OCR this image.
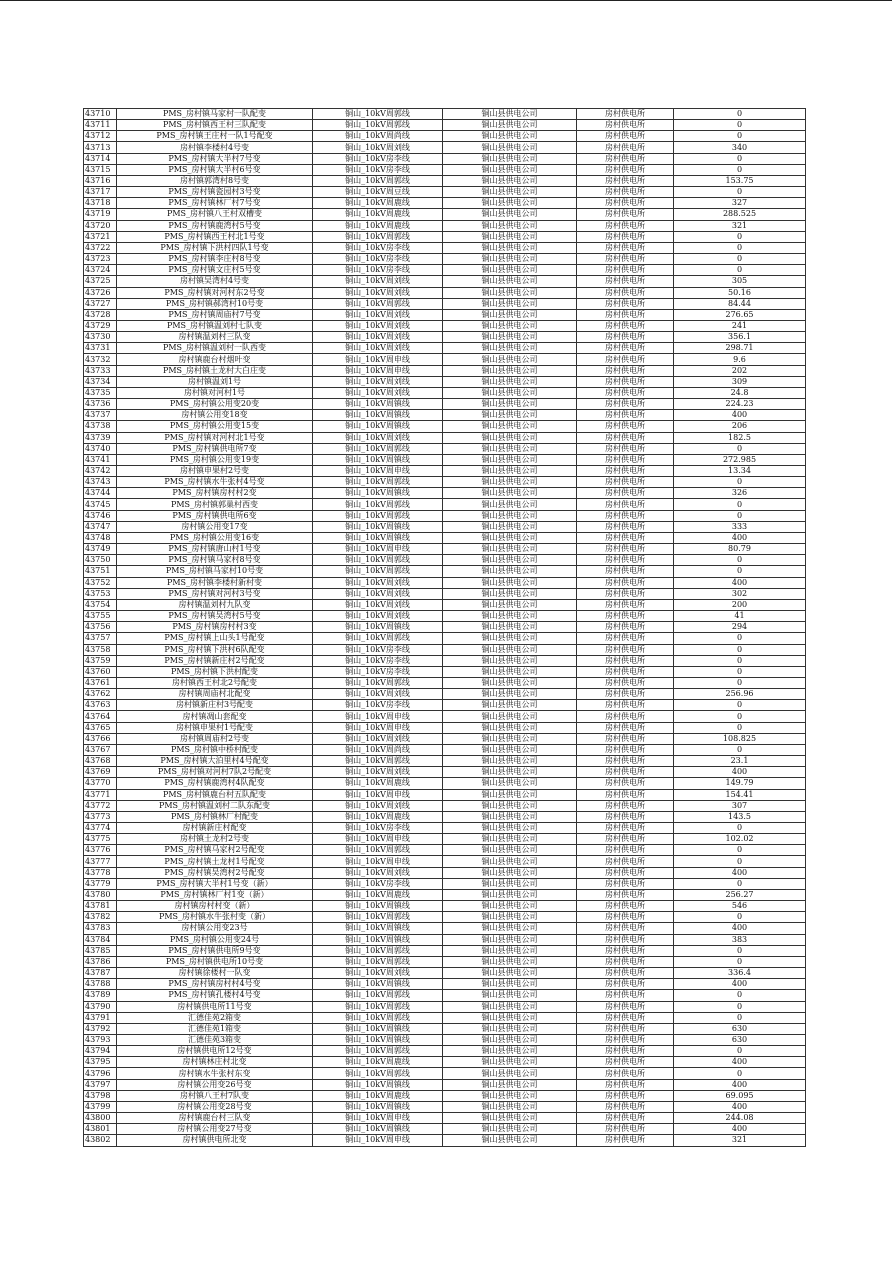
43710	PMS_房村镇马家村一队配变	铜山_10kV周郭线	铜山县供电公司	房村供电所	0
43711	PMS_房村镇西王村三队配变	铜山_10kV周郭线	铜山县供电公司	房村供电所	0
43712	PMS_房村镇王庄村一队1号配变	铜山_10kV周尚线	铜山县供电公司	房村供电所	0
43713	房村镇李楼村4号变	铜山_10kV周刘线	铜山县供电公司	房村供电所	340
43714	PMS_房村镇大半村7号变	铜山_10kV房李线	铜山县供电公司	房村供电所	0
43715	PMS_房村镇大半村6号变	铜山_10kV房李线	铜山县供电公司	房村供电所	0
43716	房村镇郭湾村8号变	铜山_10kV周郭线	铜山县供电公司	房村供电所	153.75
43717	PMS_房村镇瓷园村3号变	铜山_10kV周豆线	铜山县供电公司	房村供电所	0
43718	PMS_房村镇林厂村7号变	铜山_10kV周鹿线	铜山县供电公司	房村供电所	327
43719	PMS_房村镇八王村双槽变	铜山_10kV周鹿线	铜山县供电公司	房村供电所	288.525
43720	PMS_房村镇鹿湾村5号变	铜山_10kV周鹿线	铜山县供电公司	房村供电所	321
43721	PMS_房村镇西王村北1号变	铜山_10kV周郭线	铜山县供电公司	房村供电所	0
43722	PMS_房村镇下洪村四队1号变	铜山_10kV房李线	铜山县供电公司	房村供电所	0
43723	PMS_房村镇李庄村8号变	铜山_10kV房李线	铜山县供电公司	房村供电所	0
43724	PMS_房村镇文庄村5号变	铜山_10kV房李线	铜山县供电公司	房村供电所	0
43725	房村镇吴湾村4号变	铜山_10kV周刘线	铜山县供电公司	房村供电所	305
43726	PMS_房村镇对河村东2号变	铜山_10kV周刘线	铜山县供电公司	房村供电所	50.16
43727	PMS_房村镇郝湾村10号变	铜山_10kV周郭线	铜山县供电公司	房村供电所	84.44
43728	PMS_房村镇周庙村7号变	铜山_10kV周刘线	铜山县供电公司	房村供电所	276.65
43729	PMS_房村镇温刘村七队变	铜山_10kV周刘线	铜山县供电公司	房村供电所	241
43730	房村镇温刘村三队变	铜山_10kV周刘线	铜山县供电公司	房村供电所	356.1
43731	PMS_房村镇温刘村一队西变	铜山_10kV周刘线	铜山县供电公司	房村供电所	298.71
43732	房村镇鹿台村烟叶变	铜山_10kV周申线	铜山县供电公司	房村供电所	9.6
43733	PMS_房村镇土龙村大白庄变	铜山_10kV周申线	铜山县供电公司	房村供电所	202
43734	房村镇温刘1号	铜山_10kV周刘线	铜山县供电公司	房村供电所	309
43735	房村镇对河村1号	铜山_10kV周刘线	铜山县供电公司	房村供电所	24.8
43736	PMS_房村镇公用变20变	铜山_10kV周镇线	铜山县供电公司	房村供电所	224.23
43737	房村镇公用变18变	铜山_10kV周镇线	铜山县供电公司	房村供电所	400
43738	PMS_房村镇公用变15变	铜山_10kV周镇线	铜山县供电公司	房村供电所	206
43739	PMS_房村镇对河村北1号变	铜山_10kV周刘线	铜山县供电公司	房村供电所	182.5
43740	PMS_房村镇供电所7变	铜山_10kV周郭线	铜山县供电公司	房村供电所	0
43741	PMS_房村镇公用变19变	铜山_10kV周镇线	铜山县供电公司	房村供电所	272.985
43742	房村镇申果村2号变	铜山_10kV周申线	铜山县供电公司	房村供电所	13.34
43743	PMS_房村镇水牛张村4号变	铜山_10kV周郭线	铜山县供电公司	房村供电所	0
43744	PMS_房村镇房村村2变	铜山_10kV周镇线	铜山县供电公司	房村供电所	326
43745	PMS_房村镇郭巢村西变	铜山_10kV周郭线	铜山县供电公司	房村供电所	0
43746	PMS_房村镇供电所6变	铜山_10kV周郭线	铜山县供电公司	房村供电所	0
43747	房村镇公用变17变	铜山_10kV周镇线	铜山县供电公司	房村供电所	333
43748	PMS_房村镇公用变16变	铜山_10kV周镇线	铜山县供电公司	房村供电所	400
43749	PMS_房村镇唐山村1号变	铜山_10kV周申线	铜山县供电公司	房村供电所	80.79
43750	PMS_房村镇马家村8号变	铜山_10kV周郭线	铜山县供电公司	房村供电所	0
43751	PMS_房村镇马家村10号变	铜山_10kV周郭线	铜山县供电公司	房村供电所	0
43752	PMS_房村镇李楼村新村变	铜山_10kV周刘线	铜山县供电公司	房村供电所	400
43753	PMS_房村镇对河村3号变	铜山_10kV周刘线	铜山县供电公司	房村供电所	302
43754	房村镇温刘村九队变	铜山_10kV周刘线	铜山县供电公司	房村供电所	200
43755	PMS_房村镇吴湾村5号变	铜山_10kV周刘线	铜山县供电公司	房村供电所	41
43756	PMS_房村镇房村村3变	铜山_10kV周镇线	铜山县供电公司	房村供电所	294
43757	PMS_房村镇上山头1号配变	铜山_10kV周郭线	铜山县供电公司	房村供电所	0
43758	PMS_房村镇下洪村6队配变	铜山_10kV房李线	铜山县供电公司	房村供电所	0
43759	PMS_房村镇新庄村2号配变	铜山_10kV房李线	铜山县供电公司	房村供电所	0
43760	PMS_房村镇下洪村配变	铜山_10kV房李线	铜山县供电公司	房村供电所	0
43761	房村镇西王村北2号配变	铜山_10kV周郭线	铜山县供电公司	房村供电所	0
43762	房村镇周庙村北配变	铜山_10kV周刘线	铜山县供电公司	房村供电所	256.96
43763	房村镇新庄村3号配变	铜山_10kV房李线	铜山县供电公司	房村供电所	0
43764	房村镇凋山套配变	铜山_10kV周申线	铜山县供电公司	房村供电所	0
43765	房村镇申果村1号配变	铜山_10kV周申线	铜山县供电公司	房村供电所	0
43766	房村镇周庙村2号变	铜山_10kV周刘线	铜山县供电公司	房村供电所	108.825
43767	PMS_房村镇中桥村配变	铜山_10kV周尚线	铜山县供电公司	房村供电所	0
43768	PMS_房村镇大泊里村4号配变	铜山_10kV周郭线	铜山县供电公司	房村供电所	23.1
43769	PMS_房村镇对河村7队2号配变	铜山_10kV周刘线	铜山县供电公司	房村供电所	400
43770	PMS_房村镇鹿湾村4队配变	铜山_10kV周鹿线	铜山县供电公司	房村供电所	149.79
43771	PMS_房村镇鹿台村五队配变	铜山_10kV周申线	铜山县供电公司	房村供电所	154.41
43772	PMS_房村镇温刘村二队东配变	铜山_10kV周刘线	铜山县供电公司	房村供电所	307
43773	PMS_房村镇林厂村配变	铜山_10kV周鹿线	铜山县供电公司	房村供电所	143.5
43774	房村镇新庄村配变	铜山_10kV房李线	铜山县供电公司	房村供电所	0
43775	房村镇土龙村2号变	铜山_10kV周申线	铜山县供电公司	房村供电所	102.02
43776	PMS_房村镇马家村2号配变	铜山_10kV周郭线	铜山县供电公司	房村供电所	0
43777	PMS_房村镇土龙村1号配变	铜山_10kV周申线	铜山县供电公司	房村供电所	0
43778	PMS_房村镇吴湾村2号配变	铜山_10kV周刘线	铜山县供电公司	房村供电所	400
43779	PMS_房村镇大半村1号变（新）	铜山_10kV房李线	铜山县供电公司	房村供电所	0
43780	PMS_房村镇林厂村1变（新）	铜山_10kV周鹿线	铜山县供电公司	房村供电所	256.27
43781	房村镇房村村变（新）	铜山_10kV周镇线	铜山县供电公司	房村供电所	546
43782	PMS_房村镇水牛张村变（新）	铜山_10kV周郭线	铜山县供电公司	房村供电所	0
43783	房村镇公用变23号	铜山_10kV周镇线	铜山县供电公司	房村供电所	400
43784	PMS_房村镇公用变24号	铜山_10kV周镇线	铜山县供电公司	房村供电所	383
43785	PMS_房村镇供电所9号变	铜山_10kV周郭线	铜山县供电公司	房村供电所	0
43786	PMS_房村镇供电所10号变	铜山_10kV周郭线	铜山县供电公司	房村供电所	0
43787	房村镇徐楼村一队变	铜山_10kV周刘线	铜山县供电公司	房村供电所	336.4
43788	PMS_房村镇房村村4号变	铜山_10kV周镇线	铜山县供电公司	房村供电所	400
43789	PMS_房村镇孔楼村4号变	铜山_10kV周郭线	铜山县供电公司	房村供电所	0
43790	房村镇供电所11号变	铜山_10kV周郭线	铜山县供电公司	房村供电所	0
43791	汇德佳苑2箱变	铜山_10kV周郭线	铜山县供电公司	房村供电所	0
43792	汇德佳苑1箱变	铜山_10kV周镇线	铜山县供电公司	房村供电所	630
43793	汇德佳苑3箱变	铜山_10kV周镇线	铜山县供电公司	房村供电所	630
43794	房村镇供电所12号变	铜山_10kV周郭线	铜山县供电公司	房村供电所	0
43795	房村镇林庄村北变	铜山_10kV周鹿线	铜山县供电公司	房村供电所	400
43796	房村镇水牛张村东变	铜山_10kV周郭线	铜山县供电公司	房村供电所	0
43797	房村镇公用变26号变	铜山_10kV周镇线	铜山县供电公司	房村供电所	400
43798	房村镇八王村7队变	铜山_10kV周鹿线	铜山县供电公司	房村供电所	69.095
43799	房村镇公用变28号变	铜山_10kV周镇线	铜山县供电公司	房村供电所	400
43800	房村镇鹿台村三队变	铜山_10kV周申线	铜山县供电公司	房村供电所	244.08
43801	房村镇公用变27号变	铜山_10kV周镇线	铜山县供电公司	房村供电所	400
43802	房村镇供电所北变	铜山_10kV周申线	铜山县供电公司	房村供电所	321
